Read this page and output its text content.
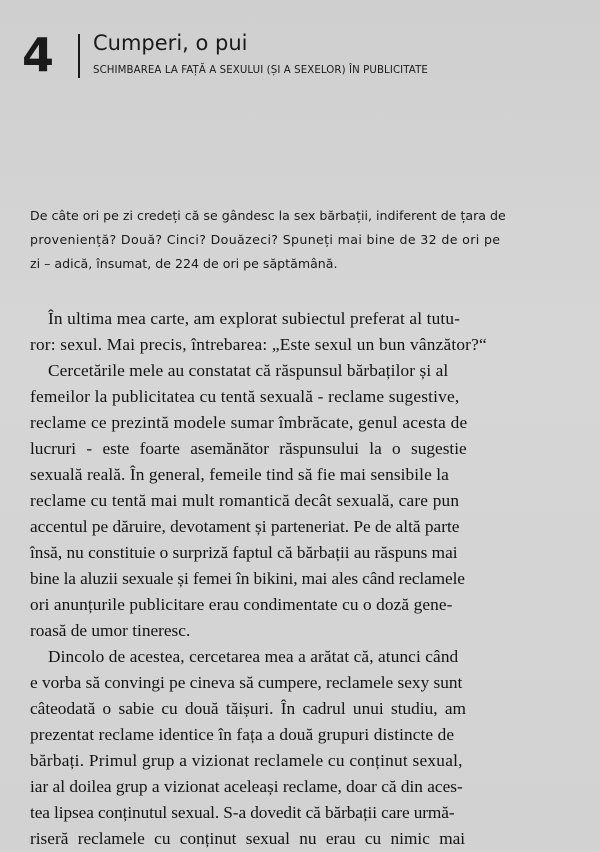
4 Cumperi, o pui
SCHIMBAREA LA FAȚĂ A SEXULUI (ȘI A SEXELOR) ÎN PUBLICITATE
De câte ori pe zi credeți că se gândesc la sex bărbații, indiferent de țara de
proveniență? Două? Cinci? Douăzeci? Spuneți mai bine de 32 de ori pe
zi – adică, însumat, de 224 de ori pe săptămână.
În ultima mea carte, am explorat subiectul preferat al tutu-
ror: sexul. Mai precis, întrebarea: „Este sexul un bun vânzător?“
Cercetările mele au constatat că răspunsul bărbaților și al
femeilor la publicitatea cu tentă sexuală - reclame sugestive,
reclame ce prezintă modele sumar îmbrăcate, genul acesta de
lucruri - este foarte asemănător răspunsului la o sugestie
sexuală reală. În general, femeile tind să fie mai sensibile la
reclame cu tentă mai mult romantică decât sexuală, care pun
accentul pe dăruire, devotament și parteneriat. Pe de altă parte
însă, nu constituie o surpriză faptul că bărbații au răspuns mai
bine la aluzii sexuale și femei în bikini, mai ales când reclamele
ori anunțurile publicitare erau condimentate cu o doză gene-
roasă de umor tineresc.
Dincolo de acestea, cercetarea mea a arătat că, atunci când
e vorba să convingi pe cineva să cumpere, reclamele sexy sunt
câteodată o sabie cu două tăișuri. În cadrul unui studiu, am
prezentat reclame identice în fața a două grupuri distincte de
bărbați. Primul grup a vizionat reclamele cu conținut sexual,
iar al doilea grup a vizionat aceleași reclame, doar că din aces-
tea lipsea conținutul sexual. S-a dovedit că bărbații care urmă-
riseră reclamele cu conținut sexual nu erau cu nimic mai
